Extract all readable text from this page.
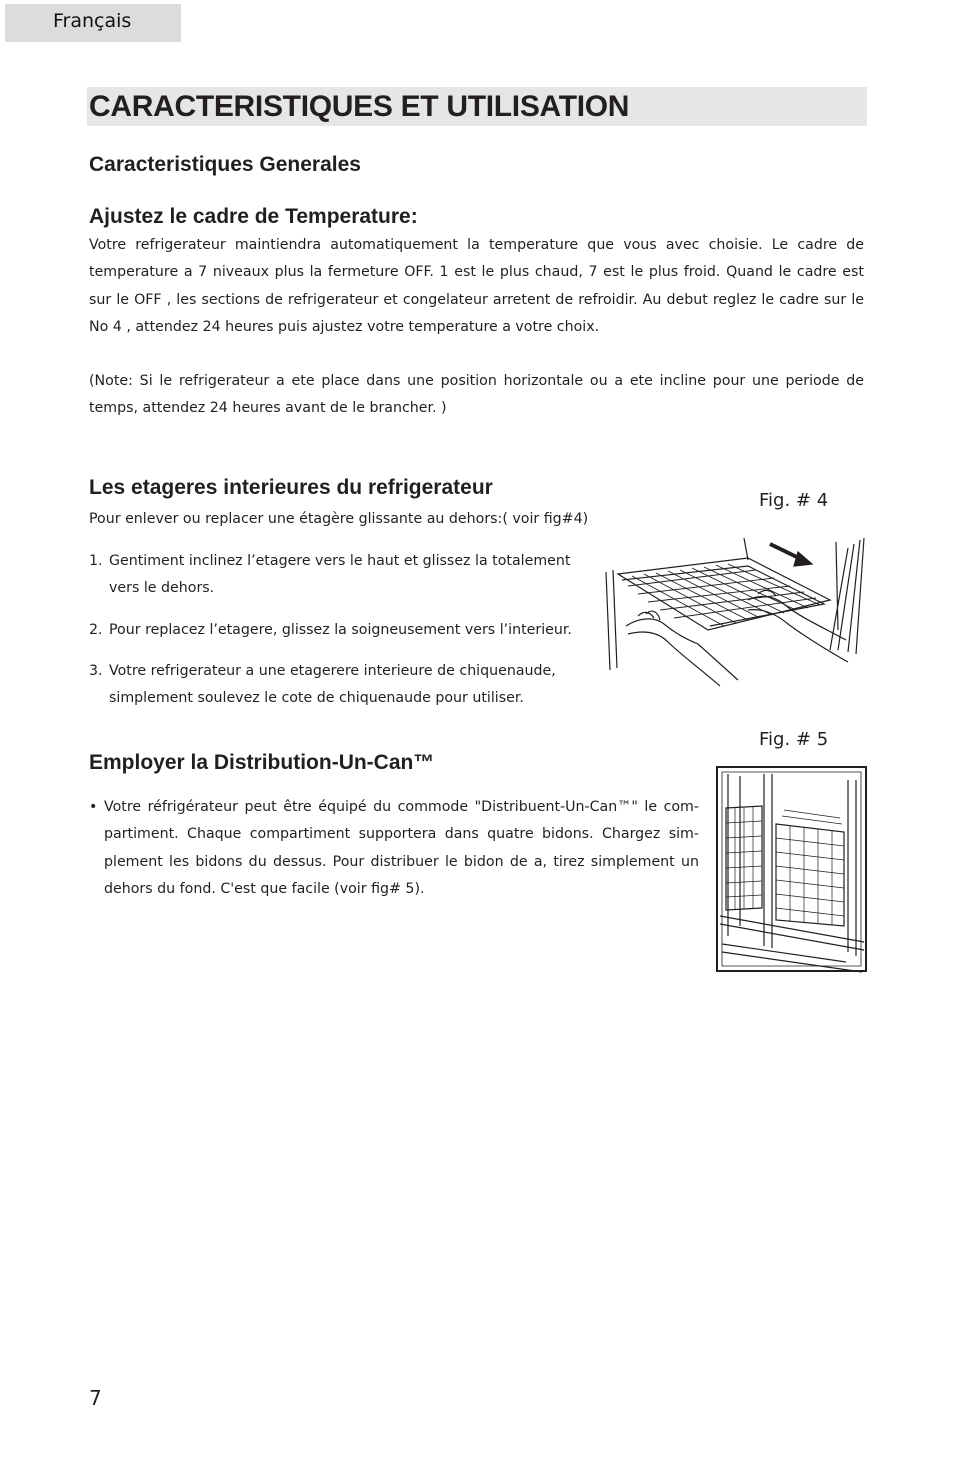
Français
CARACTERISTIQUES ET UTILISATION
Caracteristiques Generales
Ajustez le cadre de Temperature:

Votre refrigerateur maintiendra automatiquement la temperature que vous avec choisie. Le cadre de temperature a 7 niveaux plus la fermeture OFF. 1 est le plus chaud, 7 est le plus froid. Quand le cadre est sur le OFF , les sections de refrigerateur et congelateur arretent de refroidir. Au debut reglez le cadre sur le No 4 , attendez 24 heures puis ajustez votre temperature a votre choix.

(Note: Si le refrigerateur a ete place dans une position horizontale ou a ete incline pour une periode de temps, attendez 24 heures avant de le brancher. )

Les etageres interieures du refrigerateur

Pour enlever ou replacer une étagère glissante au dehors:( voir fig#4)

1. Gentiment inclinez l’etagere vers le haut et glissez la totalement vers le dehors.
2. Pour replacez l’etagere, glissez la soigneusement vers l’interieur.
3. Votre refrigerateur a une etagerere interieure de chiquenaude, simplement soulevez le cote de chiquenaude pour utiliser.
Fig. # 4
Fig. # 5
Employer la Distribution-Un-Can™
• Votre réfrigérateur peut être équipé du commode "Distribuent-Un-Can™" le com-partiment. Chaque compartiment supportera dans quatre bidons. Chargez sim-plement les bidons du dessus. Pour distribuer le bidon de a, tirez simplement un dehors du fond. C'est que facile (voir fig# 5).
7
